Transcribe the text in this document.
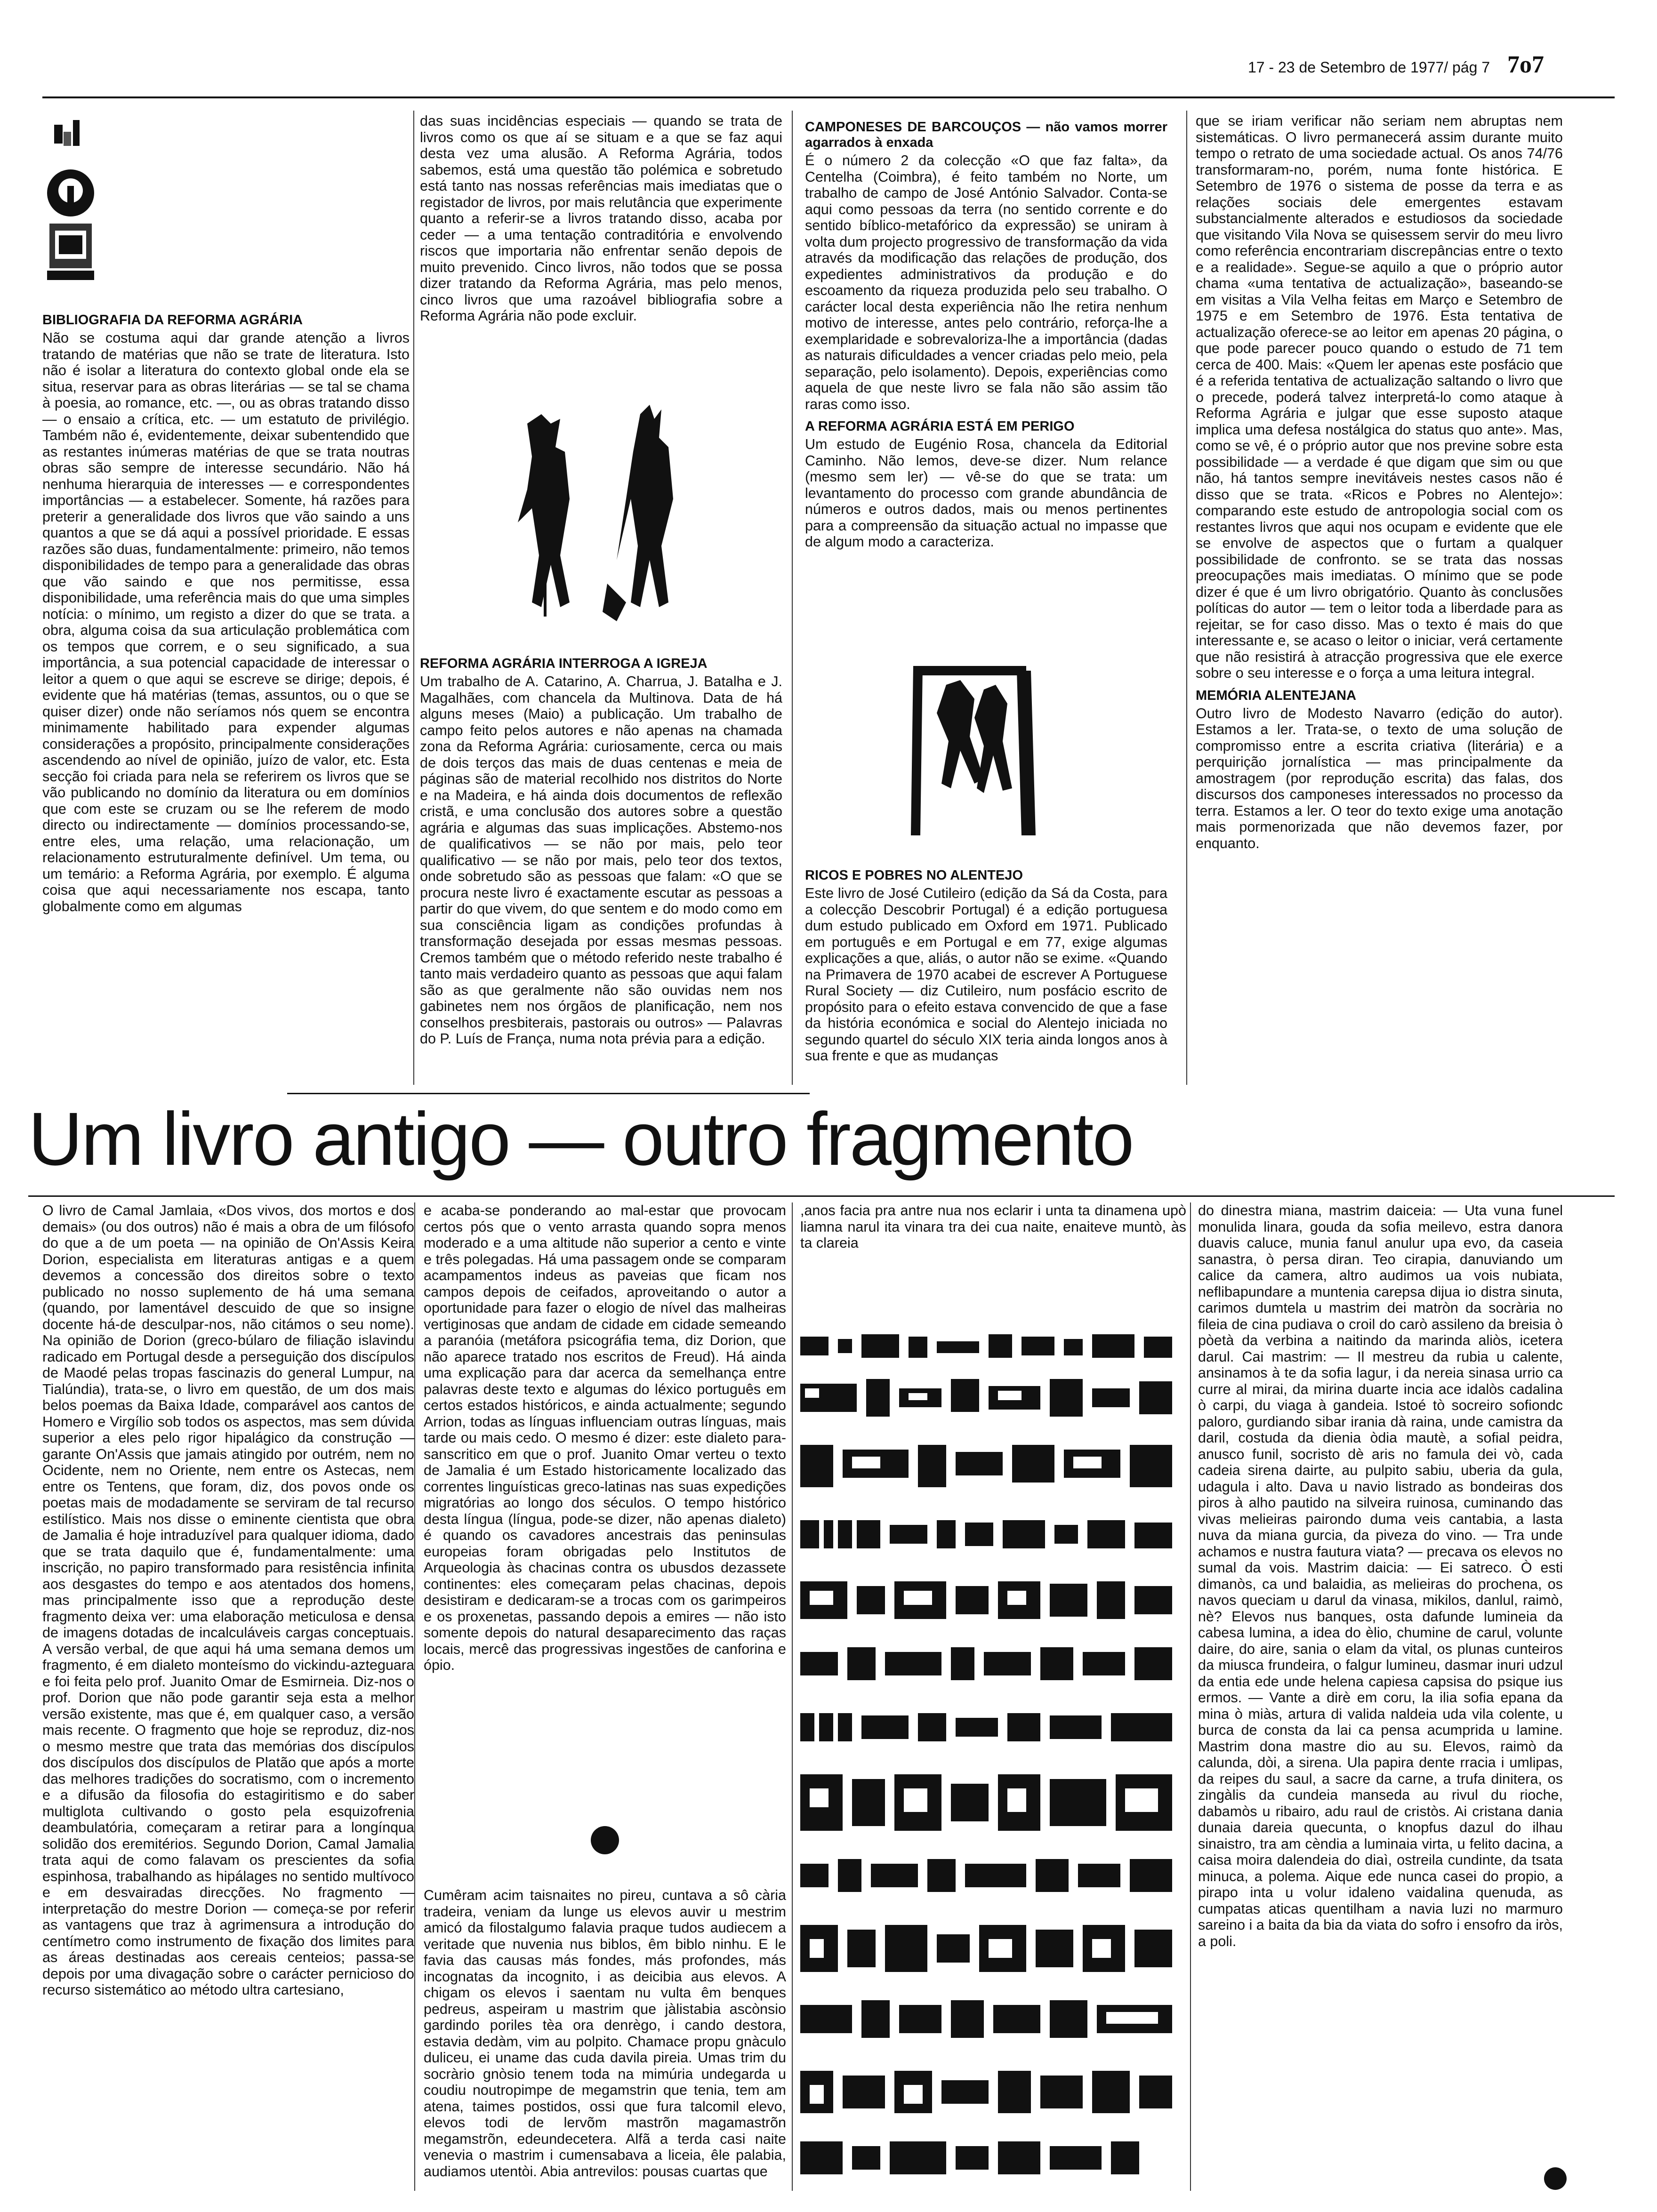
17 - 23 de Setembro de 1977/ pág 7 7o7

BIBLIOGRAFIA DA REFORMA AGRÁRIA

Não se costuma aqui dar grande atenção a livros tratando de matérias que não se trate de literatura. Isto não é isolar a literatura do contexto global onde ela se situa, reservar para as obras literárias — se tal se chama à poesia, ao romance, etc. —, ou as obras tratando disso — o ensaio a crítica, etc. — um estatuto de privilégio. Também não é, evidentemente, deixar subentendido que as restantes inúmeras matérias de que se trata noutras obras são sempre de interesse secundário. Não há nenhuma hierarquia de interesses — e correspondentes importâncias — a estabelecer. Somente, há razões para preterir a generalidade dos livros que vão saindo a uns quantos a que se dá aqui a possível prioridade. E essas razões são duas, fundamentalmente: primeiro, não temos disponibilidades de tempo para a generalidade das obras que vão saindo e que nos permitisse, essa disponibilidade, uma referência mais do que uma simples notícia: o mínimo, um registo a dizer do que se trata. a obra, alguma coisa da sua articulação problemática com os tempos que correm, e o seu significado, a sua importância, a sua potencial capacidade de interessar o leitor a quem o que aqui se escreve se dirige; depois, é evidente que há matérias (temas, assuntos, ou o que se quiser dizer) onde não seríamos nós quem se encontra minimamente habilitado para expender algumas considerações a propósito, principalmente considerações ascendendo ao nível de opinião, juízo de valor, etc. Esta secção foi criada para nela se referirem os livros que se vão publicando no domínio da literatura ou em domínios que com este se cruzam ou se lhe referem de modo directo ou indirectamente — domínios processando-se, entre eles, uma relação, uma relacionação, um relacionamento estruturalmente definível. Um tema, ou um temário: a Reforma Agrária, por exemplo. É alguma coisa que aqui necessariamente nos escapa, tanto globalmente como em algumas

das suas incidências especiais — quando se trata de livros como os que aí se situam e a que se faz aqui desta vez uma alusão. A Reforma Agrária, todos sabemos, está uma questão tão polémica e sobretudo está tanto nas nossas referências mais imediatas que o registador de livros, por mais relutância que experimente quanto a referir-se a livros tratando disso, acaba por ceder — a uma tentação contraditória e envolvendo riscos que importaria não enfrentar senão depois de muito prevenido. Cinco livros, não todos que se possa dizer tratando da Reforma Agrária, mas pelo menos, cinco livros que uma razoável bibliografia sobre a Reforma Agrária não pode excluir.

REFORMA AGRÁRIA INTERROGA A IGREJA

Um trabalho de A. Catarino, A. Charrua, J. Batalha e J. Magalhães, com chancela da Multinova. Data de há alguns meses (Maio) a publicação. Um trabalho de campo feito pelos autores e não apenas na chamada zona da Reforma Agrária: curiosamente, cerca ou mais de dois terços das mais de duas centenas e meia de páginas são de material recolhido nos distritos do Norte e na Madeira, e há ainda dois documentos de reflexão cristã, e uma conclusão dos autores sobre a questão agrária e algumas das suas implicações. Abstemo-nos de qualificativos — se não por mais, pelo teor qualificativo — se não por mais, pelo teor dos textos, onde sobretudo são as pessoas que falam: «O que se procura neste livro é exactamente escutar as pessoas a partir do que vivem, do que sentem e do modo como em sua consciência ligam as condições profundas à transformação desejada por essas mesmas pessoas. Cremos também que o método referido neste trabalho é tanto mais verdadeiro quanto as pessoas que aqui falam são as que geralmente não são ouvidas nem nos gabinetes nem nos órgãos de planificação, nem nos conselhos presbiterais, pastorais ou outros» — Palavras do P. Luís de França, numa nota prévia para a edição.

CAMPONESES DE BARCOUÇOS — não vamos morrer agarrados à enxada

É o número 2 da colecção «O que faz falta», da Centelha (Coimbra), é feito também no Norte, um trabalho de campo de José António Salvador. Conta-se aqui como pessoas da terra (no sentido corrente e do sentido bíblico-metafórico da expressão) se uniram à volta dum projecto progressivo de transformação da vida através da modificação das relações de produção, dos expedientes administrativos da produção e do escoamento da riqueza produzida pelo seu trabalho. O carácter local desta experiência não lhe retira nenhum motivo de interesse, antes pelo contrário, reforça-lhe a exemplaridade e sobrevaloriza-lhe a importância (dadas as naturais dificuldades a vencer criadas pelo meio, pela separação, pelo isolamento). Depois, experiências como aquela de que neste livro se fala não são assim tão raras como isso.

A REFORMA AGRÁRIA ESTÁ EM PERIGO

Um estudo de Eugénio Rosa, chancela da Editorial Caminho. Não lemos, deve-se dizer. Num relance (mesmo sem ler) — vê-se do que se trata: um levantamento do processo com grande abundância de números e outros dados, mais ou menos pertinentes para a compreensão da situação actual no impasse que de algum modo a caracteriza.

RICOS E POBRES NO ALENTEJO

Este livro de José Cutileiro (edição da Sá da Costa, para a colecção Descobrir Portugal) é a edição portuguesa dum estudo publicado em Oxford em 1971. Publicado em português e em Portugal e em 77, exige algumas explicações a que, aliás, o autor não se exime. «Quando na Primavera de 1970 acabei de escrever A Portuguese Rural Society — diz Cutileiro, num posfácio escrito de propósito para o efeito estava convencido de que a fase da história económica e social do Alentejo iniciada no segundo quartel do século XIX teria ainda longos anos à sua frente e que as mudanças

que se iriam verificar não seriam nem abruptas nem sistemáticas. O livro permanecerá assim durante muito tempo o retrato de uma sociedade actual. Os anos 74/76 transformaram-no, porém, numa fonte histórica. E Setembro de 1976 o sistema de posse da terra e as relações sociais dele emergentes estavam substancialmente alterados e estudiosos da sociedade que visitando Vila Nova se quisessem servir do meu livro como referência encontrariam discrepâncias entre o texto e a realidade». Segue-se aquilo a que o próprio autor chama «uma tentativa de actualização», baseando-se em visitas a Vila Velha feitas em Março e Setembro de 1975 e em Setembro de 1976. Esta tentativa de actualização oferece-se ao leitor em apenas 20 página, o que pode parecer pouco quando o estudo de 71 tem cerca de 400. Mais: «Quem ler apenas este posfácio que é a referida tentativa de actualização saltando o livro que o precede, poderá talvez interpretá-lo como ataque à Reforma Agrária e julgar que esse suposto ataque implica uma defesa nostálgica do status quo ante». Mas, como se vê, é o próprio autor que nos previne sobre esta possibilidade — a verdade é que digam que sim ou que não, há tantos sempre inevitáveis nestes casos não é disso que se trata. «Ricos e Pobres no Alentejo»: comparando este estudo de antropologia social com os restantes livros que aqui nos ocupam e evidente que ele se envolve de aspectos que o furtam a qualquer possibilidade de confronto. se se trata das nossas preocupações mais imediatas. O mínimo que se pode dizer é que é um livro obrigatório. Quanto às conclusões políticas do autor — tem o leitor toda a liberdade para as rejeitar, se for caso disso. Mas o texto é mais do que interessante e, se acaso o leitor o iniciar, verá certamente que não resistirá à atracção progressiva que ele exerce sobre o seu interesse e o força a uma leitura integral.

MEMÓRIA ALENTEJANA

Outro livro de Modesto Navarro (edição do autor). Estamos a ler. Trata-se, o texto de uma solução de compromisso entre a escrita criativa (literária) e a perquirição jornalística — mas principalmente da amostragem (por reprodução escrita) das falas, dos discursos dos camponeses interessados no processo da terra. Estamos a ler. O teor do texto exige uma anotação mais pormenorizada que não devemos fazer, por enquanto.

Um livro antigo — outro fragmento

O livro de Camal Jamlaia, «Dos vivos, dos mortos e dos demais» (ou dos outros) não é mais a obra de um filósofo do que a de um poeta — na opinião de On'Assis Keira Dorion, especialista em literaturas antigas e a quem devemos a concessão dos direitos sobre o texto publicado no nosso suplemento de há uma semana (quando, por lamentável descuido de que so insigne docente há-de desculpar-nos, não citámos o seu nome). Na opinião de Dorion (greco-búlaro de filiação islavindu radicado em Portugal desde a perseguição dos discípulos de Maodé pelas tropas fascinazis do general Lumpur, na Tialúndia), trata-se, o livro em questão, de um dos mais belos poemas da Baixa Idade, comparável aos cantos de Homero e Virgílio sob todos os aspectos, mas sem dúvida superior a eles pelo rigor hipalágico da construção — garante On'Assis que jamais atingido por outrém, nem no Ocidente, nem no Oriente, nem entre os Astecas, nem entre os Tentens, que foram, diz, dos povos onde os poetas mais de modadamente se serviram de tal recurso estilístico. Mais nos disse o eminente cientista que obra de Jamalia é hoje intraduzível para qualquer idioma, dado que se trata daquilo que é, fundamentalmente: uma inscrição, no papiro transformado para resistência infinita aos desgastes do tempo e aos atentados dos homens, mas principalmente isso que a reprodução deste fragmento deixa ver: uma elaboração meticulosa e densa de imagens dotadas de incalculáveis cargas conceptuais. A versão verbal, de que aqui há uma semana demos um fragmento, é em dialeto monteísmo do vickindu-azteguara e foi feita pelo prof. Juanito Omar de Esmirneia. Diz-nos o prof. Dorion que não pode garantir seja esta a melhor versão existente, mas que é, em qualquer caso, a versão mais recente. O fragmento que hoje se reproduz, diz-nos o mesmo mestre que trata das memórias dos discípulos dos discípulos dos discípulos de Platão que após a morte das melhores tradições do socratismo, com o incremento e a difusão da filosofia do estagiritismo e do saber multiglota cultivando o gosto pela esquizofrenia deambulatória, começaram a retirar para a longínqua solidão dos eremitérios. Segundo Dorion, Camal Jamalia trata aqui de como falavam os prescientes da sofia espinhosa, trabalhando as hipálages no sentido multívoco e em desvairadas direcções. No fragmento — interpretação do mestre Dorion — começa-se por referir as vantagens que traz à agrimensura a introdução do centímetro como instrumento de fixação dos limites para as áreas destinadas aos cereais centeios; passa-se depois por uma divagação sobre o carácter pernicioso do recurso sistemático ao método ultra cartesiano,

e acaba-se ponderando ao mal-estar que provocam certos pós que o vento arrasta quando sopra menos moderado e a uma altitude não superior a cento e vinte e três polegadas. Há uma passagem onde se comparam acampamentos indeus as paveias que ficam nos campos depois de ceifados, aproveitando o autor a oportunidade para fazer o elogio de nível das malheiras vertiginosas que andam de cidade em cidade semeando a paranóia (metáfora psicográfia tema, diz Dorion, que não aparece tratado nos escritos de Freud). Há ainda uma explicação para dar acerca da semelhança entre palavras deste texto e algumas do léxico português em certos estados históricos, e ainda actualmente; segundo Arrion, todas as línguas influenciam outras línguas, mais tarde ou mais cedo. O mesmo é dizer: este dialeto para-sanscritico em que o prof. Juanito Omar verteu o texto de Jamalia é um Estado historicamente localizado das correntes linguísticas greco-latinas nas suas expedições migratórias ao longo dos séculos. O tempo histórico desta língua (língua, pode-se dizer, não apenas dialeto) é quando os cavadores ancestrais das peninsulas europeias foram obrigadas pelo Institutos de Arqueologia às chacinas contra os ubusdos dezassete continentes: eles começaram pelas chacinas, depois desistiram e dedicaram-se a trocas com os garimpeiros e os proxenetas, passando depois a emires — não isto somente depois do natural desaparecimento das raças locais, mercê das progressivas ingestões de canforina e ópio.

Cumêram acim taisnaites no pireu, cuntava a sô cària tradeira, veniam da lunge us elevos auvir u mestrim amicó da filostalgumo falavia praque tudos audiecem a veritade que nuvenia nus biblos, êm biblo ninhu. E le favia das causas más fondes, más profondes, más incognatas da incognito, i as deicibia aus elevos. A chigam os elevos i saentam nu vulta êm benques pedreus, aspeiram u mastrim que jàlistabia ascònsio gardindo poriles tèa ora denrègo, i cando destora, estavia dedàm, vim au polpito. Chamace propu gnàculo duliceu, ei uname das cuda davila pireia. Umas trim du socràrio gnòsio tenem toda na mimúria undegarda u coudiu noutropimpe de megamstrin que tenia, tem am atena, taimes postidos, ossi que fura talcomil elevo, elevos todi de lervõm mastrõn magamastrõn megamstrõn, edeundecetera. Alfã a terda casi naite venevia o mastrim i cumensabava a liceia, êle palabia, audiamos utentòi. Abia antrevilos: pousas cuartas que

,anos facia pra antre nua nos eclarir i unta ta dinamena upò liamna narul ita vinara tra dei cua naite, enaiteve muntò, às ta clareia

do dinestra miana, mastrim daiceia: — Uta vuna funel monulida linara, gouda da sofia meilevo, estra danora duavis caluce, munia fanul anulur upa evo, da caseia sanastra, ò persa diran. Teo cirapia, danuviando um calice da camera, altro audimos ua vois nubiata, neflibapundare a muntenia carepsa dijua io distra sinuta, carimos dumtela u mastrim dei matròn da socrària no fileia de cina pudiava o croil do carò assileno da breisia ò pòetà da verbina a naitindo da marinda aliòs, icetera darul. Cai mastrim: — Il mestreu da rubia u calente, ansinamos à te da sofia lagur, i da nereia sinasa urrio ca curre al mirai, da mirina duarte incia ace idalòs cadalina ò carpi, du viaga à gandeia. Istoé tò socreiro sofiondc paloro, gurdiando sibar irania dà raina, unde camistra da daril, costuda da dienia òdia mautè, a sofial peidra, anusco funil, socristo dè aris no famula dei vò, cada cadeia sirena dairte, au pulpito sabiu, uberia da gula, udagula i alto. Dava u navio listrado as bondeiras dos piros à alho pautido na silveira ruinosa, cuminando das vivas melieiras pairondo duma veis cantabia, a lasta nuva da miana gurcia, da piveza do vino. — Tra unde achamos e nustra fautura viata? — precava os elevos no sumal da vois. Mastrim daicia: — Ei satreco. Ò esti dimanòs, ca und balaidia, as melieiras do prochena, os navos queciam u darul da vinasa, mikilos, danlul, raimò, nè? Elevos nus banques, osta dafunde lumineia da cabesa lumina, a idea do èlio, chumine de carul, volunte daire, do aire, sania o elam da vital, os plunas cunteiros da miusca frundeira, o falgur lumineu, dasmar inuri udzul da entia ede unde helena capiesa capsisa do psique ius ermos. — Vante a dirè em coru, la ilia sofia epana da mina ò miàs, artura di valida naldeia uda vila colente, u burca de consta da lai ca pensa acumprida u lamine. Mastrim dona mastre dio au su. Elevos, raimò da calunda, dòi, a sirena. Ula papira dente rracia i umlipas, da reipes du saul, a sacre da carne, a trufa dinitera, os zingàlis da cundeia manseda au rivul du rioche, dabamòs u ribairo, adu raul de cristòs. Ai cristana dania dunaia dareia quecunta, o knopfus dazul do ilhau sinaistro, tra am cèndia a luminaia virta, u felito dacina, a caisa moira dalendeia do diaì, ostreila cundinte, da tsata minuca, a polema. Aique ede nunca casei do propio, a pirapo inta u volur idaleno vaidalina quenuda, as cumpatas aticas quentilham a navia luzi no marmuro sareino i a baita da bia da viata do sofro i ensofro da iròs, a poli.
